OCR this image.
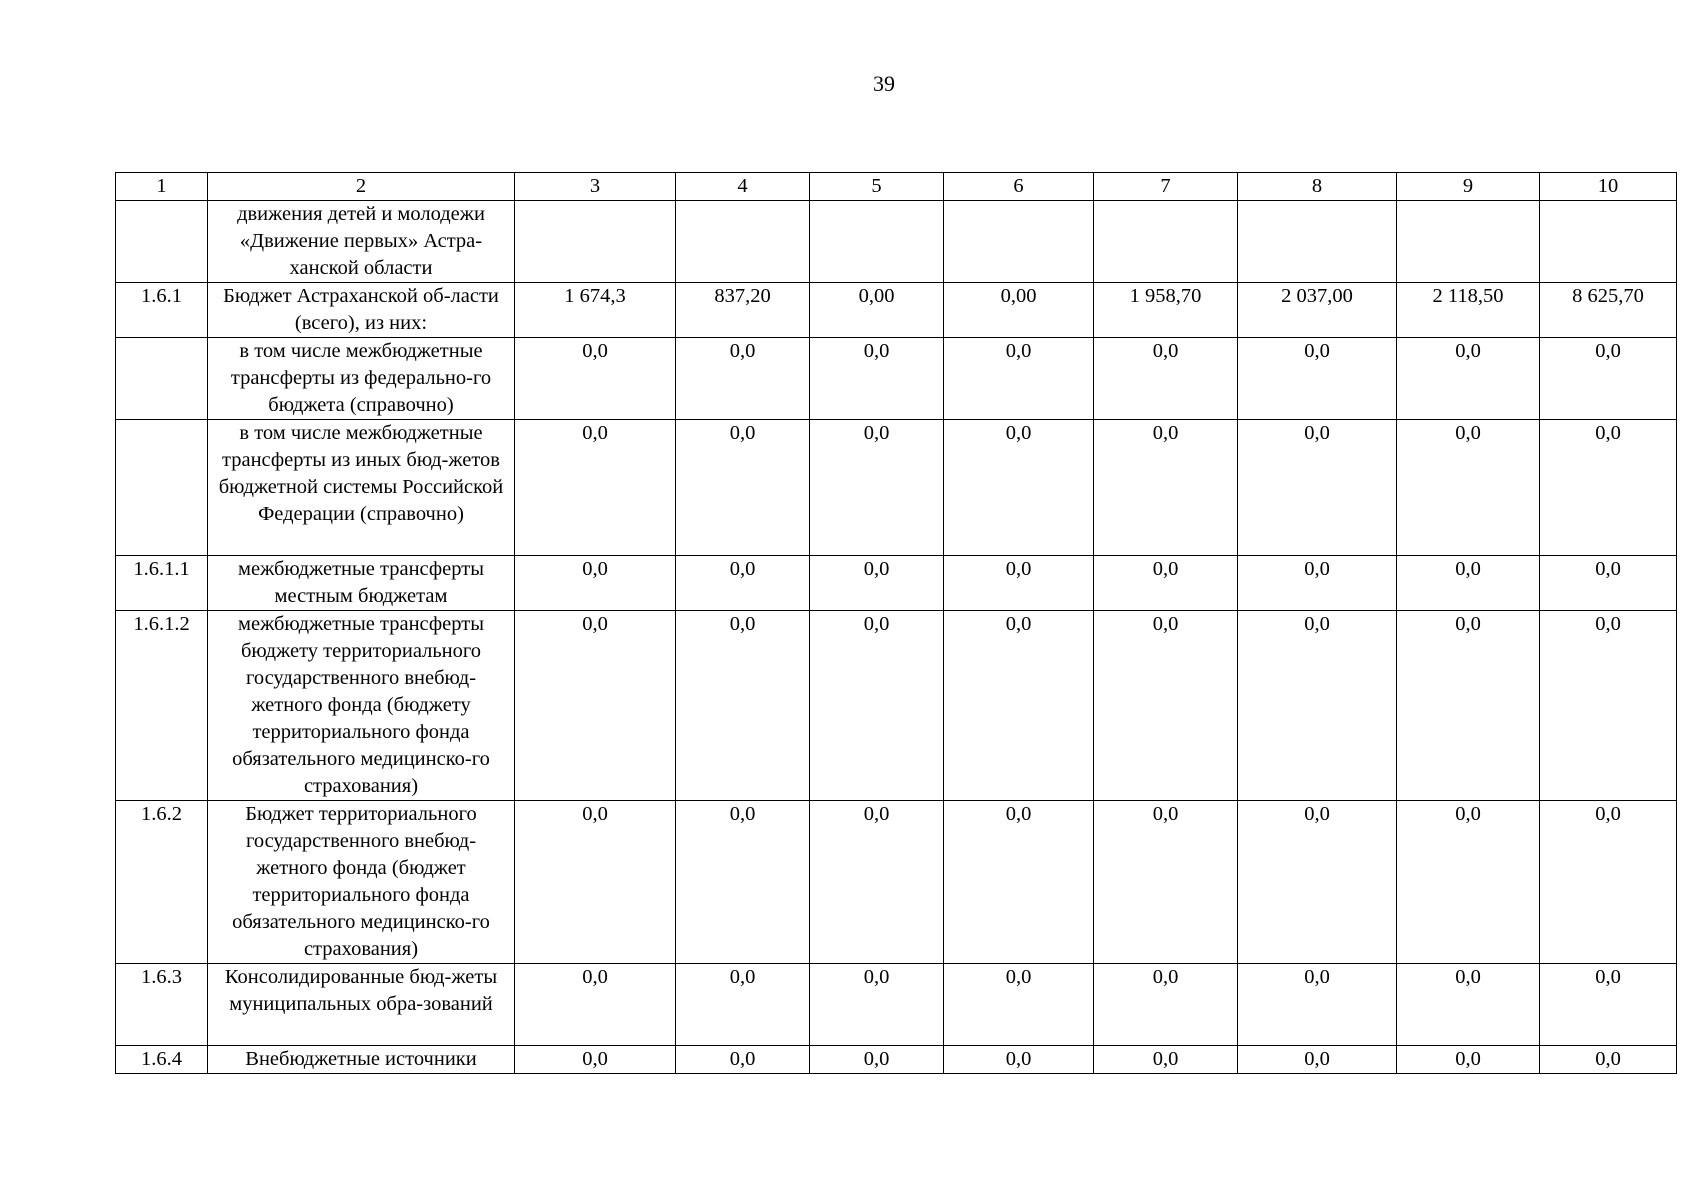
39
1	2	3	4	5	6	7	8	9	10
	движения детей и молодежи «Движение первых» Астра-ханской области								
1.6.1	Бюджет Астраханской об-ласти (всего), из них:	1 674,3	837,20	0,00	0,00	1 958,70	2 037,00	2 118,50	8 625,70
	в том числе межбюджетные трансферты из федерально-го бюджета (справочно)	0,0	0,0	0,0	0,0	0,0	0,0	0,0	0,0
	в том числе межбюджетные трансферты из иных бюд-жетов бюджетной системы Российской Федерации (справочно)	0,0	0,0	0,0	0,0	0,0	0,0	0,0	0,0
1.6.1.1	межбюджетные трансферты местным бюджетам	0,0	0,0	0,0	0,0	0,0	0,0	0,0	0,0
1.6.1.2	межбюджетные трансферты бюджету территориального государственного внебюд-жетного фонда (бюджету территориального фонда обязательного медицинско-го страхования)	0,0	0,0	0,0	0,0	0,0	0,0	0,0	0,0
1.6.2	Бюджет территориального государственного внебюд-жетного фонда (бюджет территориального фонда обязательного медицинско-го страхования)	0,0	0,0	0,0	0,0	0,0	0,0	0,0	0,0
1.6.3	Консолидированные бюд-жеты муниципальных обра-зований	0,0	0,0	0,0	0,0	0,0	0,0	0,0	0,0
1.6.4	Внебюджетные источники	0,0	0,0	0,0	0,0	0,0	0,0	0,0	0,0
